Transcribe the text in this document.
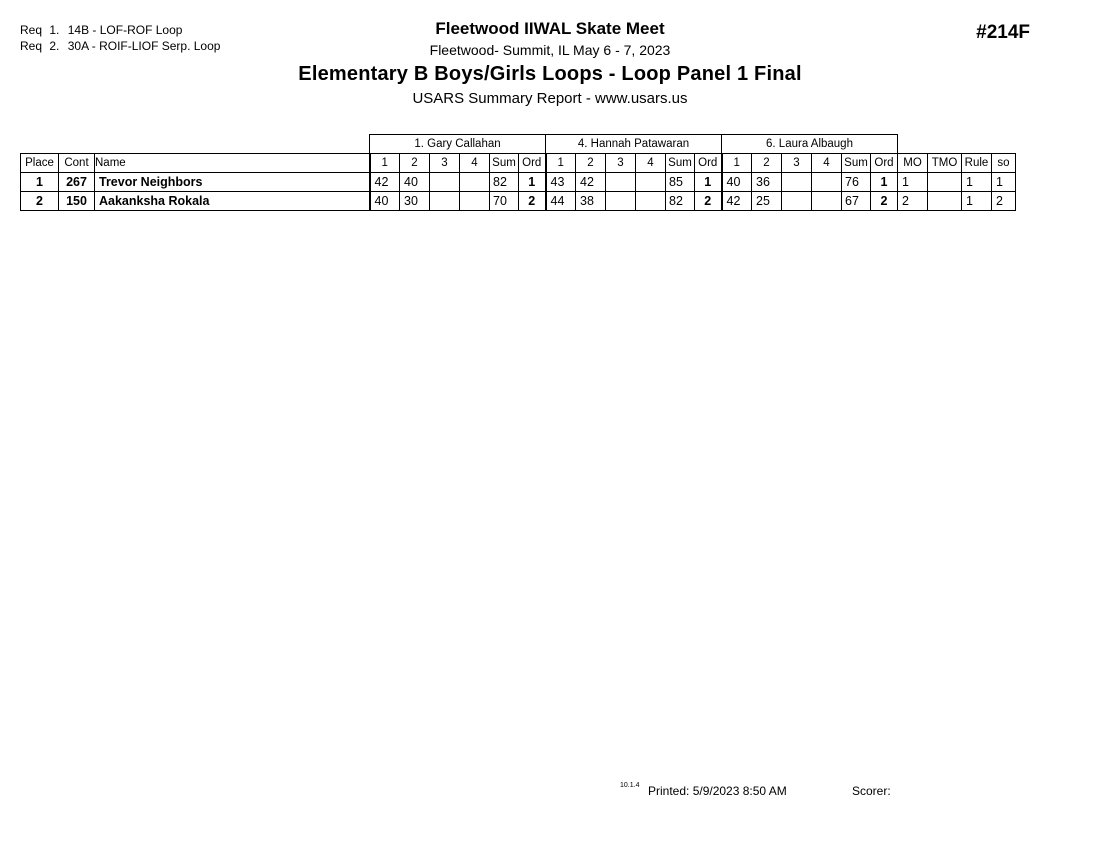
Req 1. 14B - LOF-ROF Loop
Req 2. 30A - ROIF-LIOF Serp. Loop
Fleetwood IIWAL Skate Meet
Fleetwood- Summit, IL May 6 - 7, 2023
Elementary B Boys/Girls Loops - Loop Panel 1 Final
USARS Summary Report - www.usars.us
#214F
			1. Gary Callahan						4. Hannah Patawaran						6. Laura Albaugh									
Place	Cont	Name	1	2	3	4	Sum	Ord	1	2	3	4	Sum	Ord	1	2	3	4	Sum	Ord	MO	TMO	Rule	so
1	267	Trevor Neighbors	42	40			82	1	43	42			85	1	40	36			76	1	1		1	1
2	150	Aakanksha Rokala	40	30			70	2	44	38			82	2	42	25			67	2	2		1	2
10.1.4 Printed: 5/9/2023 8:50 AM	Scorer:
